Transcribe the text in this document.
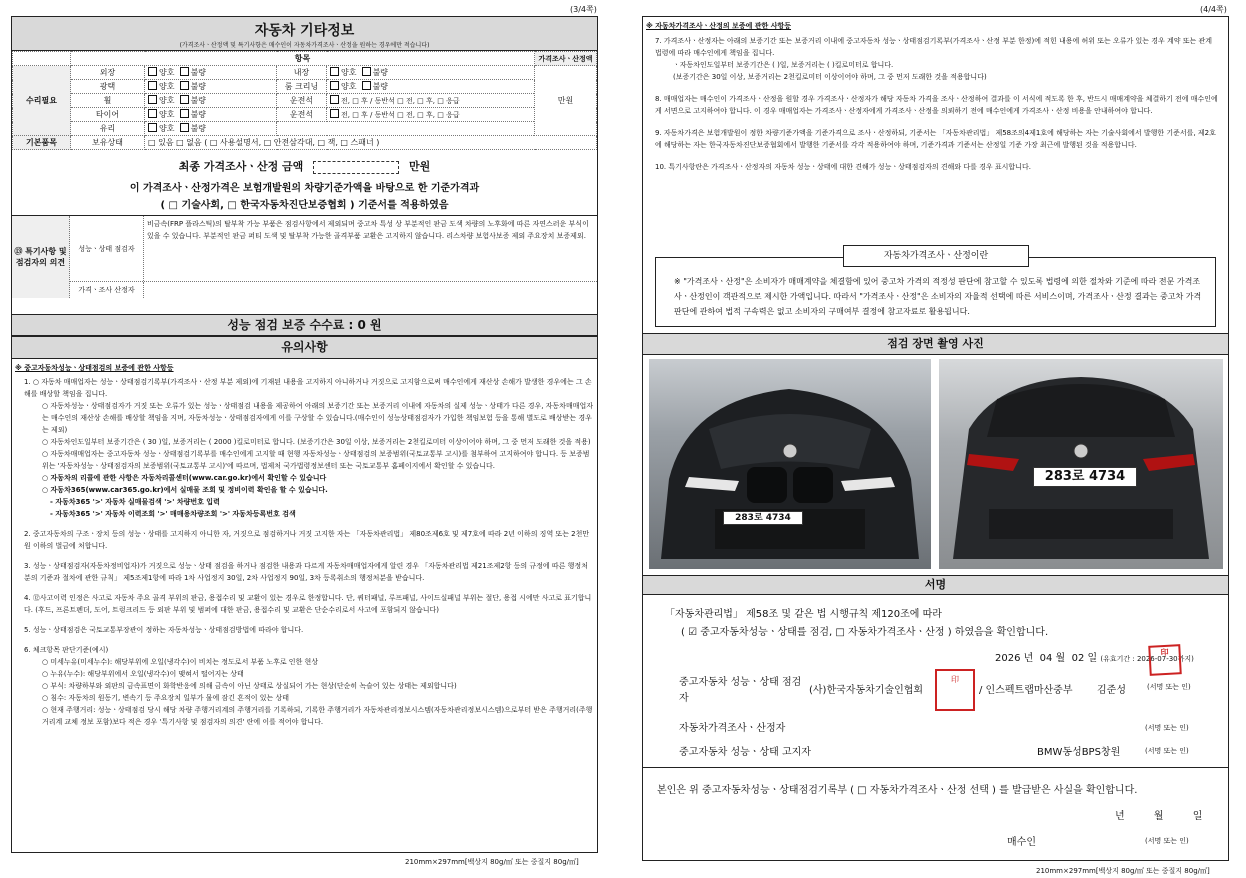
(3/4쪽)
자동차 기타정보
(가격조사ㆍ산정액 및 특기사항은 매수인이 자동차가격조사ㆍ산정을 원하는 경우에만 적습니다)
	항목				가격조사ㆍ산정액
수리필요	외장	양호 불량	내장	양호 불량	만원
	광택	양호 불량	룸 크리닝	양호 불량	
	휠	양호 불량	운전석	전, □ 후 / 동반석 □ 전, □ 후, □ 응급	
	타이어	양호 불량	운전석	전, □ 후 / 동반석 □ 전, □ 후, □ 응급	
	유리	양호 불량			
기본품목	보유상태	□ 있음 □ 없음 ( □ 사용설명서, □ 안전삼각대, □ 잭, □ 스패너 )			
최종 가격조사ㆍ산정 금액	만원
이 가격조사ㆍ산정가격은 보험개발원의 차량기준가액을 바탕으로 한 기준가격과
( □ 기술사회, □ 한국자동차진단보증협회 ) 기준서를 적용하였음
⑬ 특기사항 및 점검자의 의견
성능ㆍ상태 점검자
비금속(FRP 플라스틱)의 탈부착 가능 부품은 점검사항에서 제외되며 중고차 특성 상 부분적인 판금 도색 차량의 노후화에 따른 자연스러운 부식이 있을 수 있습니다. 부분적인 판금 퍼티 도색 및 탈부착 가능한 골격부품 교환은 고지하지 않습니다. 리스차량 보험사보증 제외 주요장치 보증제외.
가격ㆍ조사 산정자
성능 점검 보증 수수료 : 0 원
유의사항
※ 중고자동차성능ㆍ상태점검의 보증에 관한 사항등

1. ○ 자동차 매매업자는 성능ㆍ상태점검기록부(가격조사ㆍ산정 부분 제외)에 기재된 내용을 고지하지 아니하거나 거짓으로 고지함으로써 매수인에게 재산상 손해가 발생한 경우에는 그 손해를 배상할 책임을 집니다.

○ 자동차성능ㆍ상태점검자가 거짓 또는 오류가 있는 성능ㆍ상태점검 내용을 제공하여 아래의 보증기간 또는 보증거리 이내에 자동차의 실제 성능ㆍ상태가 다른 경우, 자동차매매업자는 매수인의 재산상 손해를 배상할 책임을 지며, 자동차성능ㆍ상태점검자에게 이를 구상할 수 있습니다.(매수인이 성능상태점검자가 가입한 책임보험 등을 통해 별도로 배상받는 경우는 제외)

○ 자동차인도일부터 보증기간은 ( 30 )일, 보증거리는 ( 2000 )킬로미터로 합니다. (보증기간은 30일 이상, 보증거리는 2천킬로미터 이상이어야 하며, 그 중 먼저 도래한 것을 적용)

○ 자동차매매업자는 중고자동차 성능ㆍ상태점검기록부를 매수인에게 고지할 때 현행 자동차성능ㆍ상태점검의 보증범위(국토교통부 고시)를 첨부하여 고지하여야 합니다. 등 보증범위는 '자동차성능ㆍ상태점검자의 보증범위(국토교통부 고시)'에 따르며, 법제처 국가법령정보센터 또는 국토교통부 홈페이지에서 확인할 수 있습니다.

○ 자동차의 리콜에 관한 사항은 자동차리콜센터(www.car.go.kr)에서 확인할 수 있습니다

○ 자동차365(www.car365.go.kr)에서 실매물 조회 및 정비이력 확인을 할 수 있습니다.

- 자동차365 '>' 자동차 실매물검색 '>' 차량번호 입력

- 자동차365 '>' 자동차 이력조회 '>' 매매용차량조회 '>' 자동차등록번호 검색

2. 중고자동차의 구조ㆍ장치 등의 성능ㆍ상태를 고지하지 아니한 자, 거짓으로 점검하거나 거짓 고지한 자는 「자동차관리법」 제80조제6호 및 제7호에 따라 2년 이하의 징역 또는 2천만원 이하의 벌금에 처합니다.

3. 성능ㆍ상태점검자(자동차정비업자)가 거짓으로 성능ㆍ상태 점검을 하거나 점검한 내용과 다르게 자동차매매업자에게 알린 경우 「자동차관리법 제21조제2항 등의 규정에 따른 행정처분의 기준과 절차에 관한 규칙」 제5조제1항에 따라 1차 사업정지 30일, 2차 사업정지 90일, 3차 등록취소의 행정처분을 받습니다.

4. ⑫사고이력 인정은 사고로 자동차 주요 골격 부위의 판금, 용접수리 및 교환이 있는 경우로 한정합니다. 단, 쿼터패널, 루프패널, 사이드실패널 부위는 절단, 용접 시에만 사고로 표기합니다. (후드, 프론트펜더, 도어, 트렁크리드 등 외판 부위 및 범퍼에 대한 판금, 용접수리 및 교환은 단순수리로서 사고에 포함되지 않습니다)

5. 성능ㆍ상태점검은 국토교통부장관이 정하는 자동차성능ㆍ상태점검방법에 따라야 합니다.

6. 체크항목 판단기준(예시)

○ 미세누유(미세누수): 해당부위에 오일(냉각수)이 비치는 정도로서 부품 노후로 인한 현상

○ 누유(누수): 해당부위에서 오일(냉각수)이 맺혀서 떨어지는 상태

○ 부식: 차량하부와 외판의 금속표면이 화학반응에 의해 금속이 아닌 상태로 상실되어 가는 현상(단순히 녹슬어 있는 상태는 제외합니다)

○ 침수: 자동차의 원동기, 변속기 등 주요장치 일부가 물에 잠긴 흔적이 있는 상태

○ 현재 주행거리: 성능ㆍ상태점검 당시 해당 차량 주행거리계의 주행거리를 기록하되, 기록한 주행거리가 자동차관리정보시스템(자동차관리정보시스템)으로부터 받은 주행거리(주행거리계 교체 정보 포함)보다 적은 경우 '특기사항 및 점검자의 의견' 란에 이를 적어야 합니다.

210mm×297mm[백상지 80g/㎡ 또는 중질지 80g/㎡]
(4/4쪽)
※ 자동차가격조사ㆍ산정의 보증에 관한 사항등

7. 가격조사ㆍ산정자는 아래의 보증기간 또는 보증거리 이내에 중고자동차 성능ㆍ상태점검기록부(가격조사ㆍ산정 부분 한정)에 적힌 내용에 허위 또는 오류가 있는 경우 계약 또는 관계법령에 따라 매수인에게 책임을 집니다.

ㆍ자동차인도일부터 보증기간은 ( )일, 보증거리는 ( )킬로미터로 합니다.

(보증기간은 30일 이상, 보증거리는 2천킬로미터 이상이어야 하며, 그 중 먼저 도래한 것을 적용합니다)

8. 매매업자는 매수인이 가격조사ㆍ산정을 원할 경우 가격조사ㆍ산정자가 해당 자동차 가격을 조사ㆍ산정하여 결과를 이 서식에 적도록 한 후, 반드시 매매계약을 체결하기 전에 매수인에게 서면으로 고지하여야 합니다. 이 경우 매매업자는 가격조사ㆍ산정자에게 가격조사ㆍ산정을 의뢰하기 전에 매수인에게 가격조사ㆍ산정 비용을 안내하여야 합니다.

9. 자동차가격은 보험개발원이 정한 차량기준가액을 기준가격으로 조사ㆍ산정하되, 기준서는 「자동차관리법」 제58조의4제1호에 해당하는 자는 기술사회에서 발행한 기준서를, 제2호에 해당하는 자는 한국자동차진단보증협회에서 발행한 기준서를 각각 적용하여야 하며, 기준가격과 기준서는 산정일 기준 가장 최근에 발행된 것을 적용합니다.

10. 특기사항란은 가격조사ㆍ산정자의 자동차 성능ㆍ상태에 대한 견해가 성능ㆍ상태점검자의 견해와 다를 경우 표시합니다.

자동차가격조사ㆍ산정이란
※ "가격조사ㆍ산정"은 소비자가 매매계약을 체결함에 있어 중고차 가격의 적정성 판단에 참고할 수 있도록 법령에 의한 절차와 기준에 따라 전문 가격조사ㆍ산정인이 객관적으로 제시한 가액입니다. 따라서 "가격조사ㆍ산정"은 소비자의 자율적 선택에 따른 서비스이며, 가격조사ㆍ산정 결과는 중고차 가격판단에 관하여 법적 구속력은 없고 소비자의 구매여부 결정에 참고자료로 활용됩니다.
점검 장면 촬영 사진
283로 4734
283로 4734
서명
「자동차관리법」 제58조 및 같은 법 시행규칙 제120조에 따라
( ☑ 중고자동차성능ㆍ상태를 점검, □ 자동차가격조사ㆍ산정 ) 하였음을 확인합니다.
2026 년 04 월 02 일 (유효기간 : 2026-07-30까지)
印
중고자동차 성능ㆍ상태 점검자
(사)한국자동차기술인협회
印
/ 인스펙트랩마산중부 김준성	(서명 또는 인)
자동차가격조사ㆍ산정자	(서명 또는 인)
중고자동차 성능ㆍ상태 고지자	BMW동성BPS창원	(서명 또는 인)
본인은 위 중고자동차성능ㆍ상태점검기록부 ( □ 자동차가격조사ㆍ산정 선택 ) 를 발급받은 사실을 확인합니다.
년	월	일
매수인	(서명 또는 인)
210mm×297mm[백상지 80g/㎡ 또는 중질지 80g/㎡]
